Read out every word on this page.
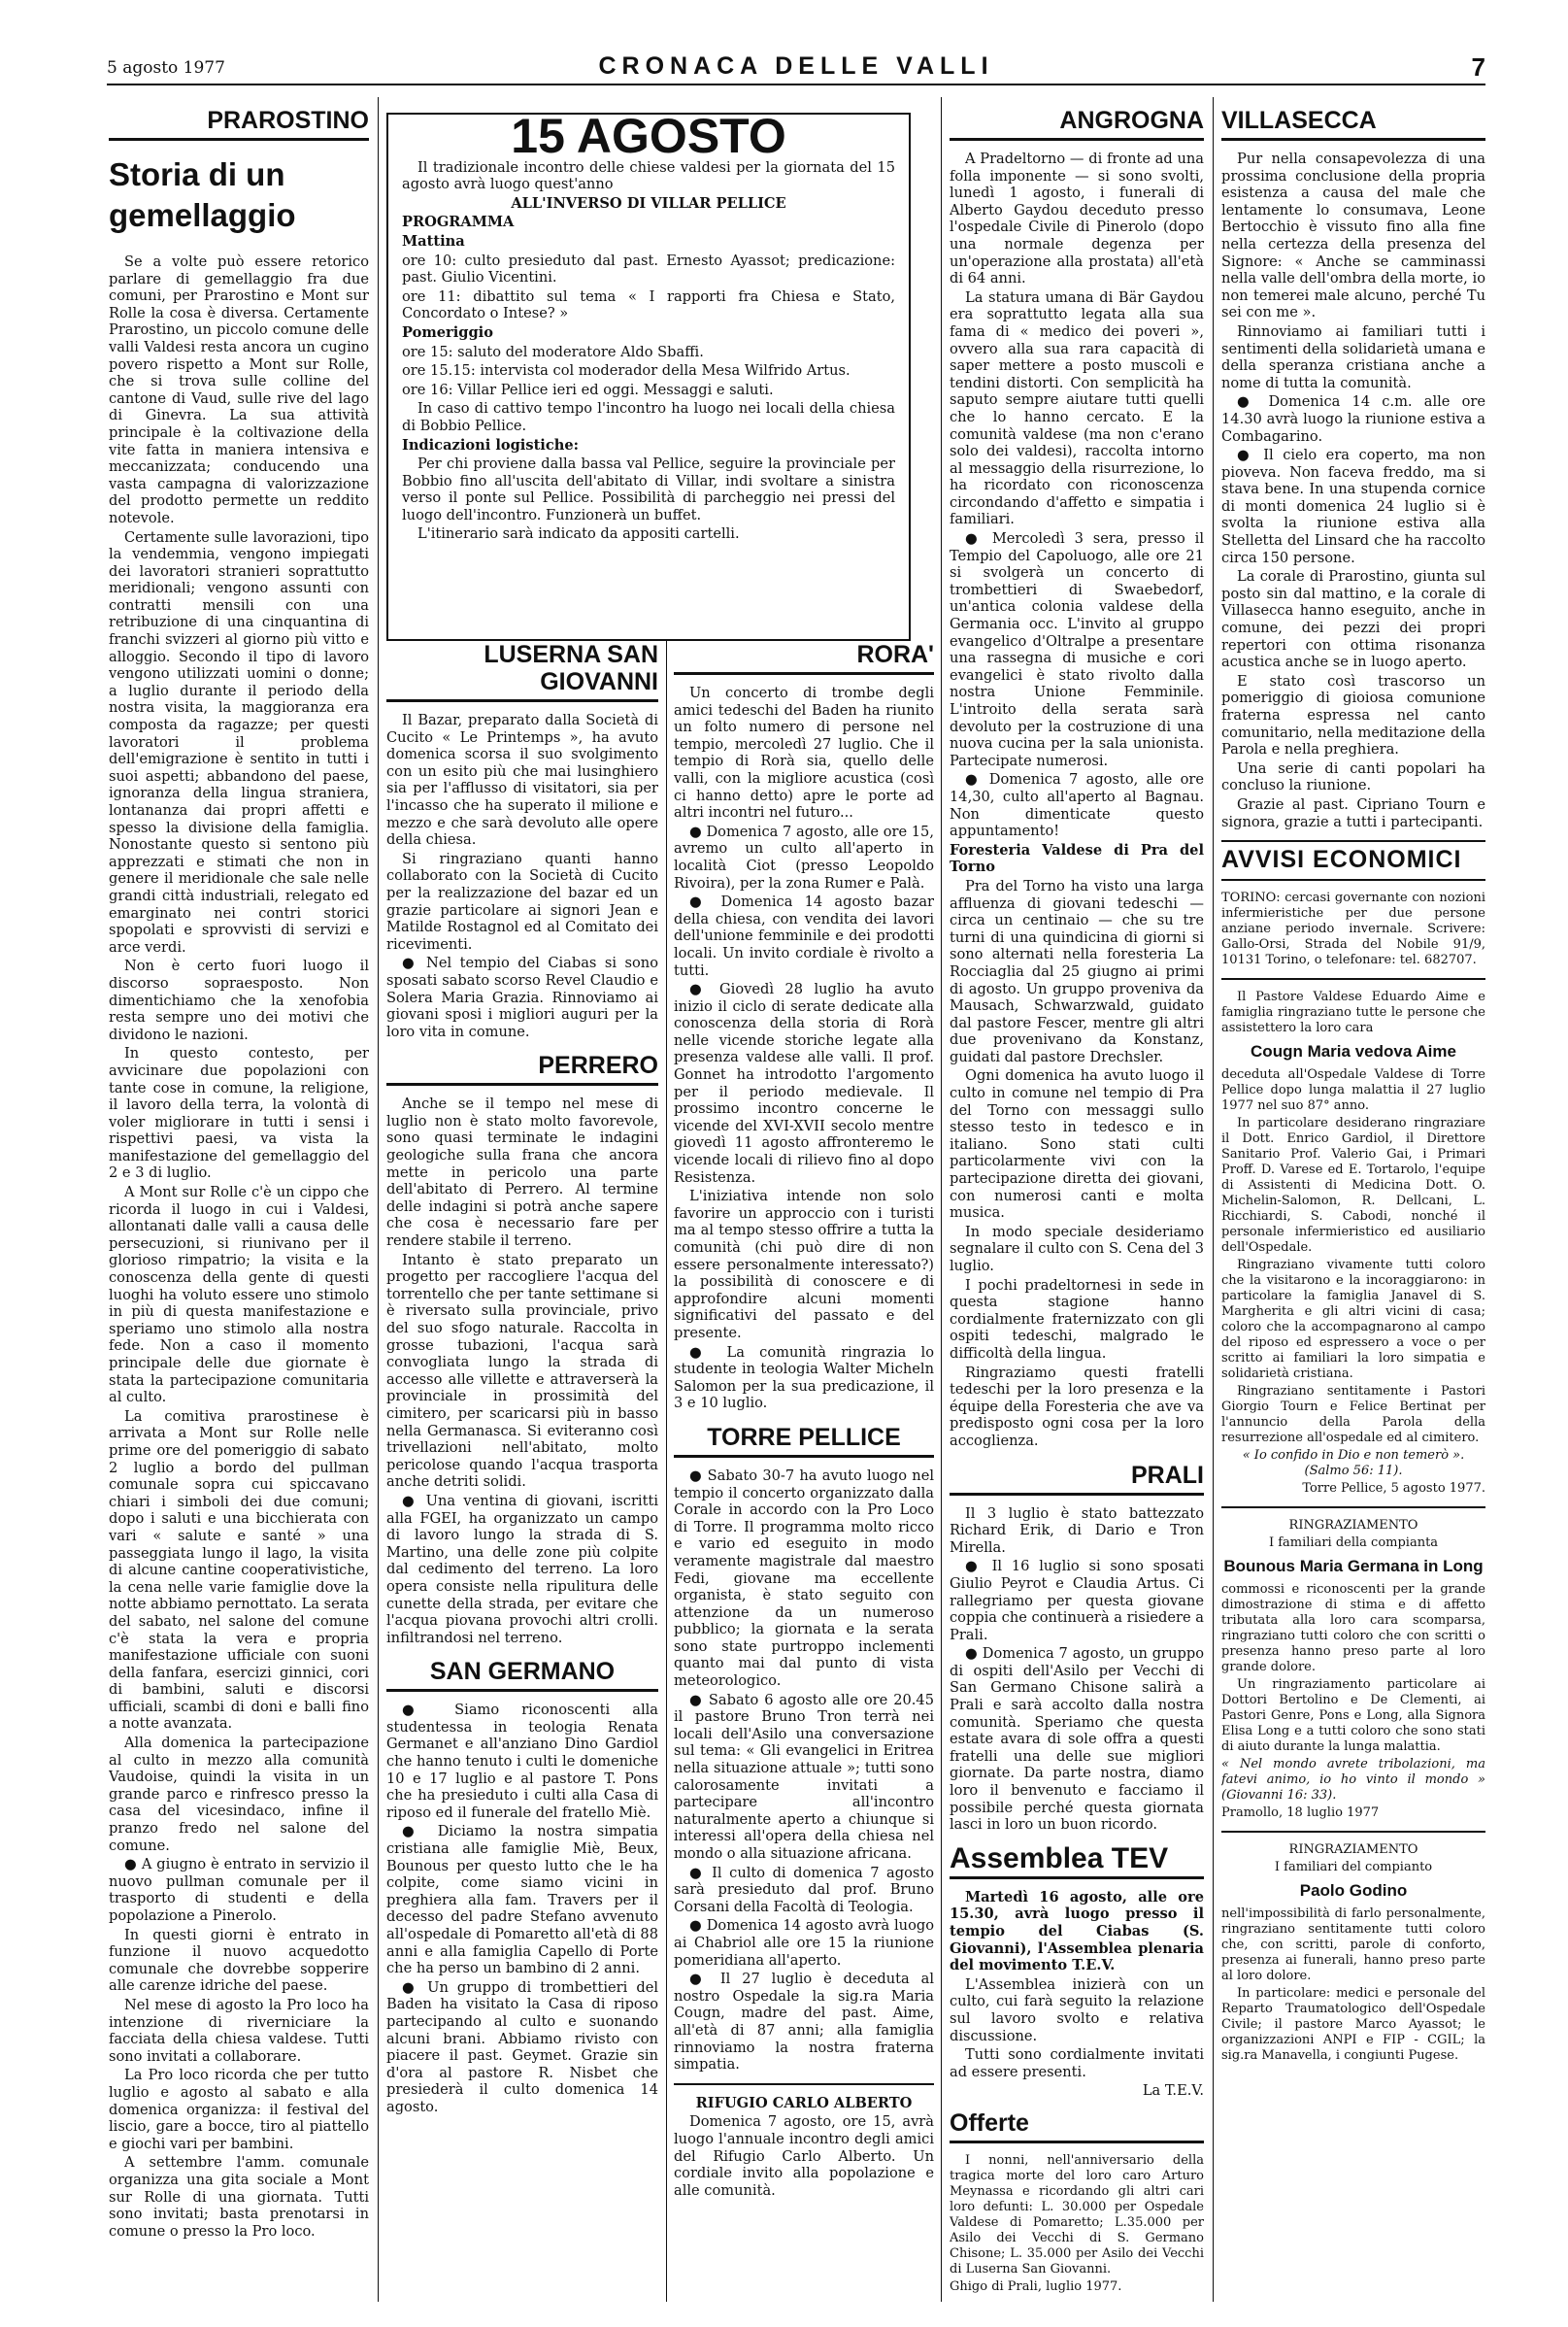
5 agosto 1977	CRONACA DELLE VALLI	7
PRAROSTINO
Storia di un gemellaggio

Se a volte può essere retorico parlare di gemellaggio fra due comuni, per Prarostino e Mont sur Rolle la cosa è diversa. Certamente Prarostino, un piccolo comune delle valli Valdesi resta ancora un cugino povero rispetto a Mont sur Rolle, che si trova sulle colline del cantone di Vaud, sulle rive del lago di Ginevra. La sua attività principale è la coltivazione della vite fatta in maniera intensiva e meccanizzata; conducendo una vasta campagna di valorizzazione del prodotto permette un reddito notevole.

Certamente sulle lavorazioni, tipo la vendemmia, vengono impiegati dei lavoratori stranieri soprattutto meridionali; vengono assunti con contratti mensili con una retribuzione di una cinquantina di franchi svizzeri al giorno più vitto e alloggio. Secondo il tipo di lavoro vengono utilizzati uomini o donne; a luglio durante il periodo della nostra visita, la maggioranza era composta da ragazze; per questi lavoratori il problema dell'emigrazione è sentito in tutti i suoi aspetti; abbandono del paese, ignoranza della lingua straniera, lontananza dai propri affetti e spesso la divisione della famiglia. Nonostante questo si sentono più apprezzati e stimati che non in genere il meridionale che sale nelle grandi città industriali, relegato ed emarginato nei contri storici spopolati e sprovvisti di servizi e arce verdi.

Non è certo fuori luogo il discorso sopraesposto. Non dimentichiamo che la xenofobia resta sempre uno dei motivi che dividono le nazioni.

In questo contesto, per avvicinare due popolazioni con tante cose in comune, la religione, il lavoro della terra, la volontà di voler migliorare in tutti i sensi i rispettivi paesi, va vista la manifestazione del gemellaggio del 2 e 3 di luglio.

A Mont sur Rolle c'è un cippo che ricorda il luogo in cui i Valdesi, allontanati dalle valli a causa delle persecuzioni, si riunivano per il glorioso rimpatrio; la visita e la conoscenza della gente di questi luoghi ha voluto essere uno stimolo in più di questa manifestazione e speriamo uno stimolo alla nostra fede. Non a caso il momento principale delle due giornate è stata la partecipazione comunitaria al culto.

La comitiva prarostinese è arrivata a Mont sur Rolle nelle prime ore del pomeriggio di sabato 2 luglio a bordo del pullman comunale sopra cui spiccavano chiari i simboli dei due comuni; dopo i saluti e una bicchierata con vari « salute e santé » una passeggiata lungo il lago, la visita di alcune cantine cooperativistiche, la cena nelle varie famiglie dove la notte abbiamo pernottato. La serata del sabato, nel salone del comune c'è stata la vera e propria manifestazione ufficiale con suoni della fanfara, esercizi ginnici, cori di bambini, saluti e discorsi ufficiali, scambi di doni e balli fino a notte avanzata.

Alla domenica la partecipazione al culto in mezzo alla comunità Vaudoise, quindi la visita in un grande parco e rinfresco presso la casa del vicesindaco, infine il pranzo fredo nel salone del comune.

● A giugno è entrato in servizio il nuovo pullman comunale per il trasporto di studenti e della popolazione a Pinerolo.

In questi giorni è entrato in funzione il nuovo acquedotto comunale che dovrebbe sopperire alle carenze idriche del paese.

Nel mese di agosto la Pro loco ha intenzione di riverniciare la facciata della chiesa valdese. Tutti sono invitati a collaborare.

La Pro loco ricorda che per tutto luglio e agosto al sabato e alla domenica organizza: il festival del liscio, gare a bocce, tiro al piattello e giochi vari per bambini.

A settembre l'amm. comunale organizza una gita sociale a Mont sur Rolle di una giornata. Tutti sono invitati; basta prenotarsi in comune o presso la Pro loco.

15 AGOSTO

Il tradizionale incontro delle chiese valdesi per la giornata del 15 agosto avrà luogo quest'anno

ALL'INVERSO DI VILLAR PELLICE

PROGRAMMA

Mattina

ore 10: culto presieduto dal past. Ernesto Ayassot; predicazione: past. Giulio Vicentini.

ore 11: dibattito sul tema « I rapporti fra Chiesa e Stato, Concordato o Intese? »

Pomeriggio

ore 15: saluto del moderatore Aldo Sbaffi.

ore 15.15: intervista col moderador della Mesa Wilfrido Artus.

ore 16: Villar Pellice ieri ed oggi. Messaggi e saluti.

In caso di cattivo tempo l'incontro ha luogo nei locali della chiesa di Bobbio Pellice.

Indicazioni logistiche:

Per chi proviene dalla bassa val Pellice, seguire la provinciale per Bobbio fino all'uscita dell'abitato di Villar, indi svoltare a sinistra verso il ponte sul Pellice. Possibilità di parcheggio nei pressi del luogo dell'incontro. Funzionerà un buffet.

L'itinerario sarà indicato da appositi cartelli.

LUSERNA SAN GIOVANNI

Il Bazar, preparato dalla Società di Cucito « Le Printemps », ha avuto domenica scorsa il suo svolgimento con un esito più che mai lusinghiero sia per l'afflusso di visitatori, sia per l'incasso che ha superato il milione e mezzo e che sarà devoluto alle opere della chiesa.

Si ringraziano quanti hanno collaborato con la Società di Cucito per la realizzazione del bazar ed un grazie particolare ai signori Jean e Matilde Rostagnol ed al Comitato dei ricevimenti.

● Nel tempio del Ciabas si sono sposati sabato scorso Revel Claudio e Solera Maria Grazia. Rinnoviamo ai giovani sposi i migliori auguri per la loro vita in comune.

PERRERO

Anche se il tempo nel mese di luglio non è stato molto favorevole, sono quasi terminate le indagini geologiche sulla frana che ancora mette in pericolo una parte dell'abitato di Perrero. Al termine delle indagini si potrà anche sapere che cosa è necessario fare per rendere stabile il terreno.

Intanto è stato preparato un progetto per raccogliere l'acqua del torrentello che per tante settimane si è riversato sulla provinciale, privo del suo sfogo naturale. Raccolta in grosse tubazioni, l'acqua sarà convogliata lungo la strada di accesso alle villette e attraverserà la provinciale in prossimità del cimitero, per scaricarsi più in basso nella Germanasca. Si eviteranno così trivellazioni nell'abitato, molto pericolose quando l'acqua trasporta anche detriti solidi.

● Una ventina di giovani, iscritti alla FGEI, ha organizzato un campo di lavoro lungo la strada di S. Martino, una delle zone più colpite dal cedimento del terreno. La loro opera consiste nella ripulitura delle cunette della strada, per evitare che l'acqua piovana provochi altri crolli. infiltrandosi nel terreno.

SAN GERMANO

● Siamo riconoscenti alla studentessa in teologia Renata Germanet e all'anziano Dino Gardiol che hanno tenuto i culti le domeniche 10 e 17 luglio e al pastore T. Pons che ha presieduto i culti alla Casa di riposo ed il funerale del fratello Miè.

● Diciamo la nostra simpatia cristiana alle famiglie Miè, Beux, Bounous per questo lutto che le ha colpite, come siamo vicini in preghiera alla fam. Travers per il decesso del padre Stefano avvenuto all'ospedale di Pomaretto all'età di 88 anni e alla famiglia Capello di Porte che ha perso un bambino di 2 anni.

● Un gruppo di trombettieri del Baden ha visitato la Casa di riposo partecipando al culto e suonando alcuni brani. Abbiamo rivisto con piacere il past. Geymet. Grazie sin d'ora al pastore R. Nisbet che presiederà il culto domenica 14 agosto.

RORA'

Un concerto di trombe degli amici tedeschi del Baden ha riunito un folto numero di persone nel tempio, mercoledì 27 luglio. Che il tempio di Rorà sia, quello delle valli, con la migliore acustica (così ci hanno detto) apre le porte ad altri incontri nel futuro...

● Domenica 7 agosto, alle ore 15, avremo un culto all'aperto in località Ciot (presso Leopoldo Rivoira), per la zona Rumer e Palà.

● Domenica 14 agosto bazar della chiesa, con vendita dei lavori dell'unione femminile e dei prodotti locali. Un invito cordiale è rivolto a tutti.

● Giovedì 28 luglio ha avuto inizio il ciclo di serate dedicate alla conoscenza della storia di Rorà nelle vicende storiche legate alla presenza valdese alle valli. Il prof. Gonnet ha introdotto l'argomento per il periodo medievale. Il prossimo incontro concerne le vicende del XVI-XVII secolo mentre giovedì 11 agosto affronteremo le vicende locali di rilievo fino al dopo Resistenza.

L'iniziativa intende non solo favorire un approccio con i turisti ma al tempo stesso offrire a tutta la comunità (chi può dire di non essere personalmente interessato?) la possibilità di conoscere e di approfondire alcuni momenti significativi del passato e del presente.

● La comunità ringrazia lo studente in teologia Walter Micheln Salomon per la sua predicazione, il 3 e 10 luglio.

TORRE PELLICE

● Sabato 30-7 ha avuto luogo nel tempio il concerto organizzato dalla Corale in accordo con la Pro Loco di Torre. Il programma molto ricco e vario ed eseguito in modo veramente magistrale dal maestro Fedi, giovane ma eccellente organista, è stato seguito con attenzione da un numeroso pubblico; la giornata e la serata sono state purtroppo inclementi quanto mai dal punto di vista meteorologico.

● Sabato 6 agosto alle ore 20.45 il pastore Bruno Tron terrà nei locali dell'Asilo una conversazione sul tema: « Gli evangelici in Eritrea nella situazione attuale »; tutti sono calorosamente invitati a partecipare all'incontro naturalmente aperto a chiunque si interessi all'opera della chiesa nel mondo o alla situazione africana.

● Il culto di domenica 7 agosto sarà presieduto dal prof. Bruno Corsani della Facoltà di Teologia.

● Domenica 14 agosto avrà luogo ai Chabriol alle ore 15 la riunione pomeridiana all'aperto.

● Il 27 luglio è deceduta al nostro Ospedale la sig.ra Maria Cougn, madre del past. Aime, all'età di 87 anni; alla famiglia rinnoviamo la nostra fraterna simpatia.

RIFUGIO CARLO ALBERTO

Domenica 7 agosto, ore 15, avrà luogo l'annuale incontro degli amici del Rifugio Carlo Alberto. Un cordiale invito alla popolazione e alle comunità.

ANGROGNA

A Pradeltorno — di fronte ad una folla imponente — si sono svolti, lunedì 1 agosto, i funerali di Alberto Gaydou deceduto presso l'ospedale Civile di Pinerolo (dopo una normale degenza per un'operazione alla prostata) all'età di 64 anni.

La statura umana di Bär Gaydou era soprattutto legata alla sua fama di « medico dei poveri », ovvero alla sua rara capacità di saper mettere a posto muscoli e tendini distorti. Con semplicità ha saputo sempre aiutare tutti quelli che lo hanno cercato. E la comunità valdese (ma non c'erano solo dei valdesi), raccolta intorno al messaggio della risurrezione, lo ha ricordato con riconoscenza circondando d'affetto e simpatia i familiari.

● Mercoledì 3 sera, presso il Tempio del Capoluogo, alle ore 21 si svolgerà un concerto di trombettieri di Swaebedorf, un'antica colonia valdese della Germania occ. L'invito al gruppo evangelico d'Oltralpe a presentare una rassegna di musiche e cori evangelici è stato rivolto dalla nostra Unione Femminile. L'introito della serata sarà devoluto per la costruzione di una nuova cucina per la sala unionista. Partecipate numerosi.

● Domenica 7 agosto, alle ore 14,30, culto all'aperto al Bagnau. Non dimenticate questo appuntamento!

Foresteria Valdese di Pra del Torno

Pra del Torno ha visto una larga affluenza di giovani tedeschi — circa un centinaio — che su tre turni di una quindicina di giorni si sono alternati nella foresteria La Rocciaglia dal 25 giugno ai primi di agosto. Un gruppo proveniva da Mausach, Schwarzwald, guidato dal pastore Fescer, mentre gli altri due provenivano da Konstanz, guidati dal pastore Drechsler.

Ogni domenica ha avuto luogo il culto in comune nel tempio di Pra del Torno con messaggi sullo stesso testo in tedesco e in italiano. Sono stati culti particolarmente vivi con la partecipazione diretta dei giovani, con numerosi canti e molta musica.

In modo speciale desideriamo segnalare il culto con S. Cena del 3 luglio.

I pochi pradeltornesi in sede in questa stagione hanno cordialmente fraternizzato con gli ospiti tedeschi, malgrado le difficoltà della lingua.

Ringraziamo questi fratelli tedeschi per la loro presenza e la équipe della Foresteria che ave va predisposto ogni cosa per la loro accoglienza.

PRALI

Il 3 luglio è stato battezzato Richard Erik, di Dario e Tron Mirella.

● Il 16 luglio si sono sposati Giulio Peyrot e Claudia Artus. Ci rallegriamo per questa giovane coppia che continuerà a risiedere a Prali.

● Domenica 7 agosto, un gruppo di ospiti dell'Asilo per Vecchi di San Germano Chisone salirà a Prali e sarà accolto dalla nostra comunità. Speriamo che questa estate avara di sole offra a questi fratelli una delle sue migliori giornate. Da parte nostra, diamo loro il benvenuto e facciamo il possibile perché questa giornata lasci in loro un buon ricordo.

Assemblea TEV

Martedì 16 agosto, alle ore 15.30, avrà luogo presso il tempio del Ciabas (S. Giovanni), l'Assemblea plenaria del movimento T.E.V.

L'Assemblea inizierà con un culto, cui farà seguito la relazione sul lavoro svolto e relativa discussione.

Tutti sono cordialmente invitati ad essere presenti.

La T.E.V.

Offerte

I nonni, nell'anniversario della tragica morte del loro caro Arturo Meynassa e ricordando gli altri cari loro defunti: L. 30.000 per Ospedale Valdese di Pomaretto; L.35.000 per Asilo dei Vecchi di S. Germano Chisone; L. 35.000 per Asilo dei Vecchi di Luserna San Giovanni.

Ghigo di Prali, luglio 1977.

VILLASECCA

Pur nella consapevolezza di una prossima conclusione della propria esistenza a causa del male che lentamente lo consumava, Leone Bertocchio è vissuto fino alla fine nella certezza della presenza del Signore: « Anche se camminassi nella valle dell'ombra della morte, io non temerei male alcuno, perché Tu sei con me ».

Rinnoviamo ai familiari tutti i sentimenti della solidarietà umana e della speranza cristiana anche a nome di tutta la comunità.

● Domenica 14 c.m. alle ore 14.30 avrà luogo la riunione estiva a Combagarino.

● Il cielo era coperto, ma non pioveva. Non faceva freddo, ma si stava bene. In una stupenda cornice di monti domenica 24 luglio si è svolta la riunione estiva alla Stelletta del Linsard che ha raccolto circa 150 persone.

La corale di Prarostino, giunta sul posto sin dal mattino, e la corale di Villasecca hanno eseguito, anche in comune, dei pezzi dei propri repertori con ottima risonanza acustica anche se in luogo aperto.

E stato così trascorso un pomeriggio di gioiosa comunione fraterna espressa nel canto comunitario, nella meditazione della Parola e nella preghiera.

Una serie di canti popolari ha concluso la riunione.

Grazie al past. Cipriano Tourn e signora, grazie a tutti i partecipanti.

AVVISI ECONOMICI

TORINO: cercasi governante con nozioni infermieristiche per due persone anziane periodo invernale. Scrivere: Gallo-Orsi, Strada del Nobile 91/9, 10131 Torino, o telefonare: tel. 682707.

Il Pastore Valdese Eduardo Aime e famiglia ringraziano tutte le persone che assistettero la loro cara

Cougn Maria vedova Aime

deceduta all'Ospedale Valdese di Torre Pellice dopo lunga malattia il 27 luglio 1977 nel suo 87° anno.

In particolare desiderano ringraziare il Dott. Enrico Gardiol, il Direttore Sanitario Prof. Valerio Gai, i Primari Proff. D. Varese ed E. Tortarolo, l'equipe di Assistenti di Medicina Dott. O. Michelin-Salomon, R. Dellcani, L. Ricchiardi, S. Cabodi, nonché il personale infermieristico ed ausiliario dell'Ospedale.

Ringraziano vivamente tutti coloro che la visitarono e la incoraggiarono: in particolare la famiglia Janavel di S. Margherita e gli altri vicini di casa; coloro che la accompagnarono al campo del riposo ed espressero a voce o per scritto ai familiari la loro simpatia e solidarietà cristiana.

Ringraziano sentitamente i Pastori Giorgio Tourn e Felice Bertinat per l'annuncio della Parola della resurrezione all'ospedale ed al cimitero.

« Io confido in Dio e non temerò ». (Salmo 56: 11).

Torre Pellice, 5 agosto 1977.

RINGRAZIAMENTO

I familiari della compianta

Bounous Maria Germana in Long

commossi e riconoscenti per la grande dimostrazione di stima e di affetto tributata alla loro cara scomparsa, ringraziano tutti coloro che con scritti o presenza hanno preso parte al loro grande dolore.

Un ringraziamento particolare ai Dottori Bertolino e De Clementi, ai Pastori Genre, Pons e Long, alla Signora Elisa Long e a tutti coloro che sono stati di aiuto durante la lunga malattia.

« Nel mondo avrete tribolazioni, ma fatevi animo, io ho vinto il mondo » (Giovanni 16: 33).

Pramollo, 18 luglio 1977

RINGRAZIAMENTO

I familiari del compianto

Paolo Godino

nell'impossibilità di farlo personalmente, ringraziano sentitamente tutti coloro che, con scritti, parole di conforto, presenza ai funerali, hanno preso parte al loro dolore.

In particolare: medici e personale del Reparto Traumatologico dell'Ospedale Civile; il pastore Marco Ayassot; le organizzazioni ANPI e FIP - CGIL; la sig.ra Manavella, i congiunti Pugese.
